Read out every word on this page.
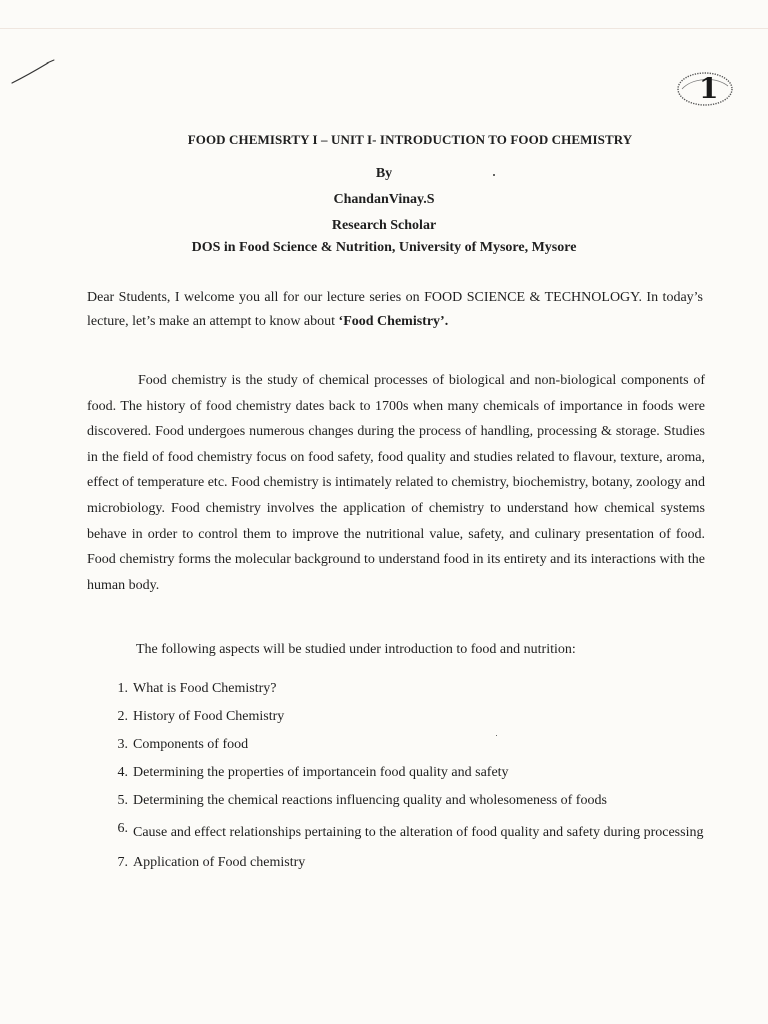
1
FOOD CHEMISRTY I – UNIT I- INTRODUCTION TO FOOD CHEMISTRY
By
ChandanVinay.S
Research Scholar
DOS in Food Science & Nutrition, University of Mysore, Mysore

Dear Students, I welcome you all for our lecture series on FOOD SCIENCE & TECHNOLOGY. In today’s lecture, let’s make an attempt to know about ‘Food Chemistry’.

Food chemistry is the study of chemical processes of biological and non-biological components of food. The history of food chemistry dates back to 1700s when many chemicals of importance in foods were discovered. Food undergoes numerous changes during the process of handling, processing & storage. Studies in the field of food chemistry focus on food safety, food quality and studies related to flavour, texture, aroma, effect of temperature etc. Food chemistry is intimately related to chemistry, biochemistry, botany, zoology and microbiology. Food chemistry involves the application of chemistry to understand how chemical systems behave in order to control them to improve the nutritional value, safety, and culinary presentation of food. Food chemistry forms the molecular background to understand food in its entirety and its interactions with the human body.

The following aspects will be studied under introduction to food and nutrition:

1. What is Food Chemistry?
2. History of Food Chemistry
3. Components of food
4. Determining the properties of importancein food quality and safety
5. Determining the chemical reactions influencing quality and wholesomeness of foods
6. Cause and effect relationships pertaining to the alteration of food quality and safety during processing
7. Application of Food chemistry
